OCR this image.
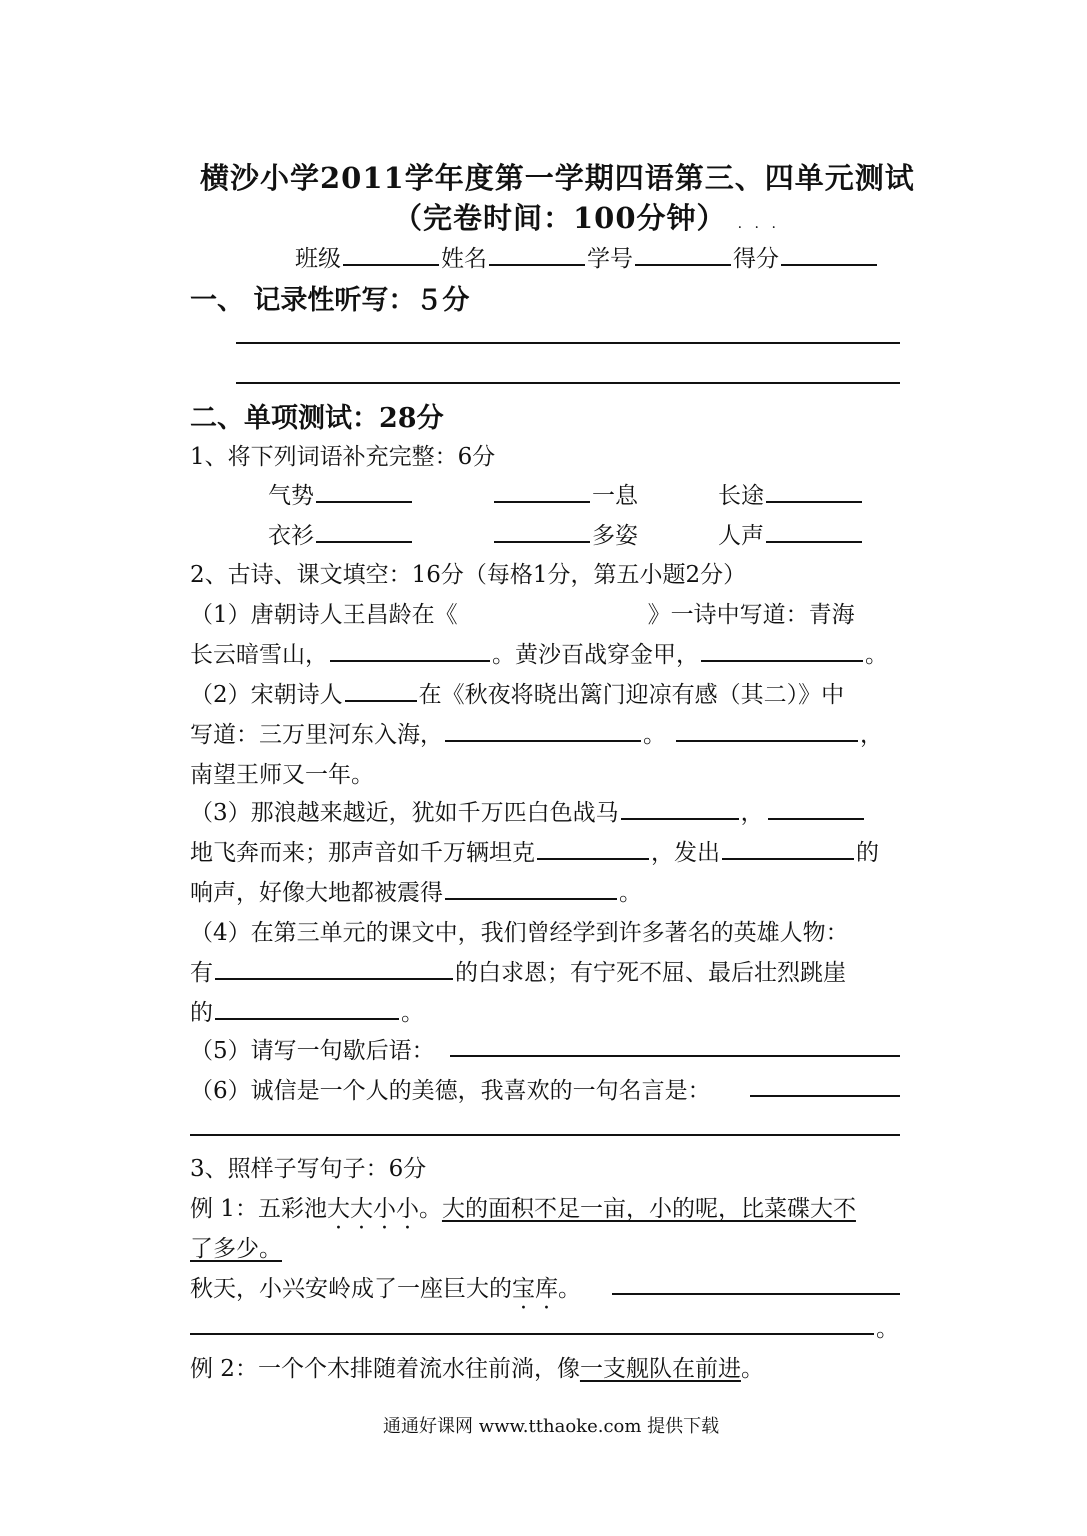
横沙小学2011学年度第一学期四语第三、四单元测试
（完卷时间：100分钟） . . .
班级	姓名	学号	得分
一、 记录性听写：５分
二、单项测试：28分
1、将下列词语补充完整：6分
气势	一息	长途
衣衫	多姿	人声
2、古诗、课文填空：16分（每格1分，第五小题2分）
（1）唐朝诗人王昌龄在《	》一诗中写道：青海
长云暗雪山，	。黄沙百战穿金甲，	。
（2）宋朝诗人	在《秋夜将晓出篱门迎凉有感（其二）》中
写道：三万里河东入海，	。	，
南望王师又一年。
（3）那浪越来越近，犹如千万匹白色战马	，
地飞奔而来；那声音如千万辆坦克	，发出	的
响声，好像大地都被震得	。
（4）在第三单元的课文中，我们曾经学到许多著名的英雄人物：
有	的白求恩；有宁死不屈、最后壮烈跳崖
的	。
（5）请写一句歇后语：
（6）诚信是一个人的美德，我喜欢的一句名言是：
3、照样子写句子：6分
例 1：五彩池大大小小。大的面积不足一亩，小的呢，比菜碟大不
了多少。
秋天，小兴安岭成了一座巨大的宝库。
。
例 2：一个个木排随着流水往前淌，像一支舰队在前进。
通通好课网 www.tthaoke.com 提供下载
